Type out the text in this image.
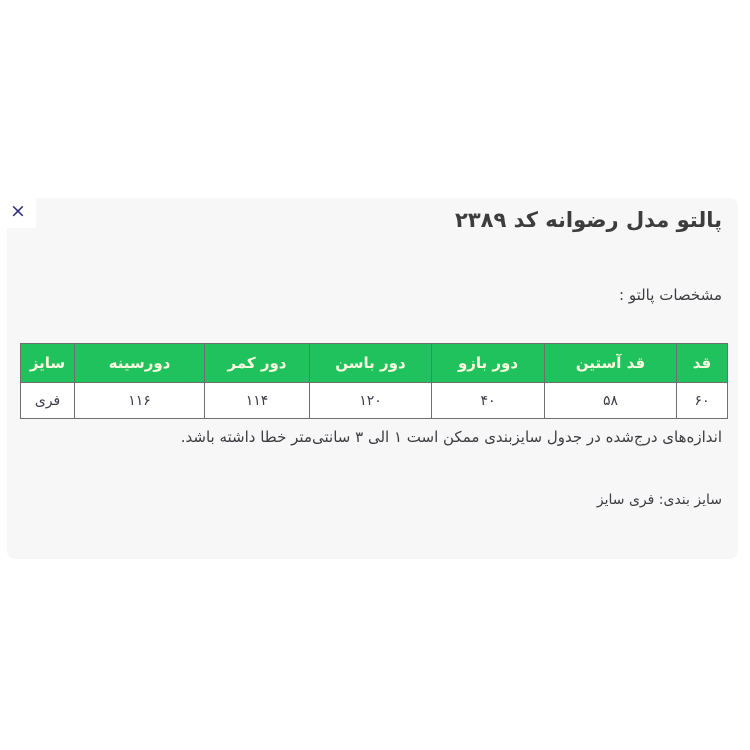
پالتو مدل رضوانه کد ۲۳۸۹
مشخصات پالتو :
قد	قد آستین	دور بازو	دور باسن	دور کمر	دورسینه	سایز
۶۰	۵۸	۴۰	۱۲۰	۱۱۴	۱۱۶	فری
اندازه‌های درج‌شده در جدول سایزبندی ممکن است ۱ الی ۳ سانتی‌متر خطا داشته باشد.
سایز بندی: فری سایز
×
